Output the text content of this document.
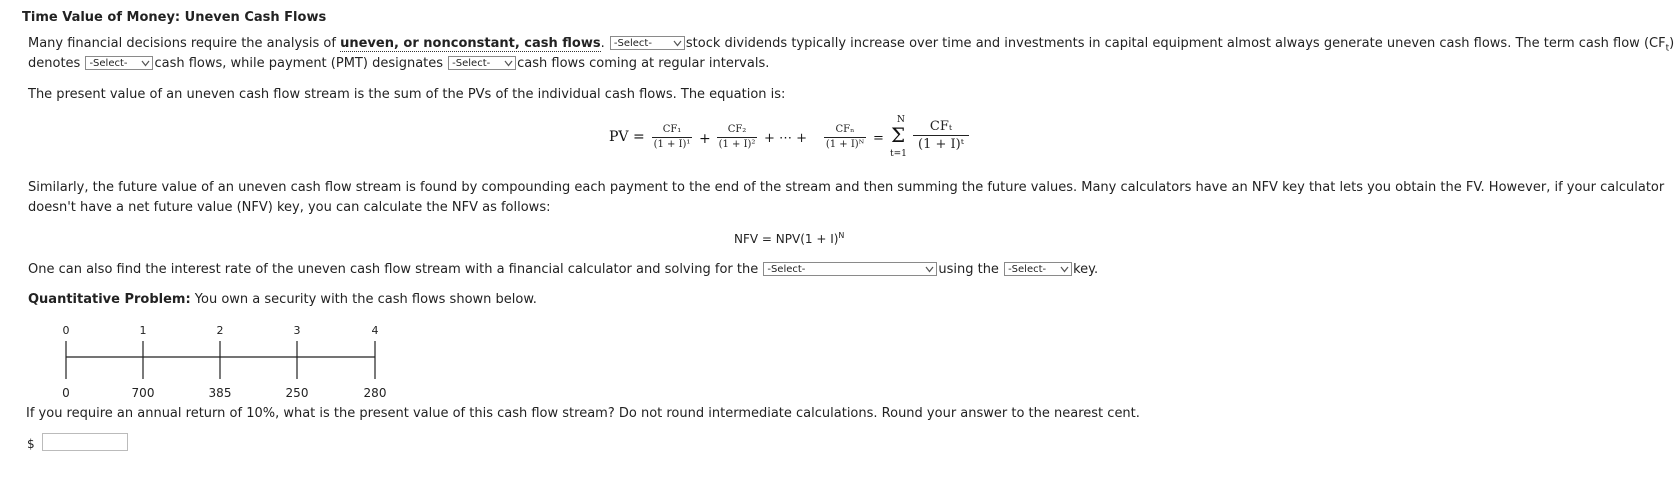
Time Value of Money: Uneven Cash Flows
Many financial decisions require the analysis of uneven, or nonconstant, cash flows. -Select-	stock dividends typically increase over time and investments in capital equipment almost always generate uneven cash flows. The term cash flow $(CF_t)$
denotes -Select- cash flows, while payment (PMT) designates -Select- cash flows coming at regular intervals.
The present value of an uneven cash flow stream is the sum of the PVs of the individual cash flows. The equation is:
PV =	CF₁
(1 + I)¹ +
CF₂
(1 + I)² + ⋯ +
CFₙ
(1 + I)ᴺ =
N
Σ
t=1
CFₜ
(1 + I)ᵗ
Similarly, the future value of an uneven cash flow stream is found by compounding each payment to the end of the stream and then summing the future values. Many calculators have an NFV key that lets you obtain the FV. However, if your calculator
doesn't have a net future value (NFV) key, you can calculate the NFV as follows:
NFV = $NPV(1 + I)^N$
One can also find the interest rate of the uneven cash flow stream with a financial calculator and solving for the -Select-	using the -Select- key.
Quantitative Problem: You own a security with the cash flows shown below.
0	1	2	3	4
0	700	385	250	280
If you require an annual return of 10%, what is the present value of this cash flow stream? Do not round intermediate calculations. Round your answer to the nearest cent.
$
